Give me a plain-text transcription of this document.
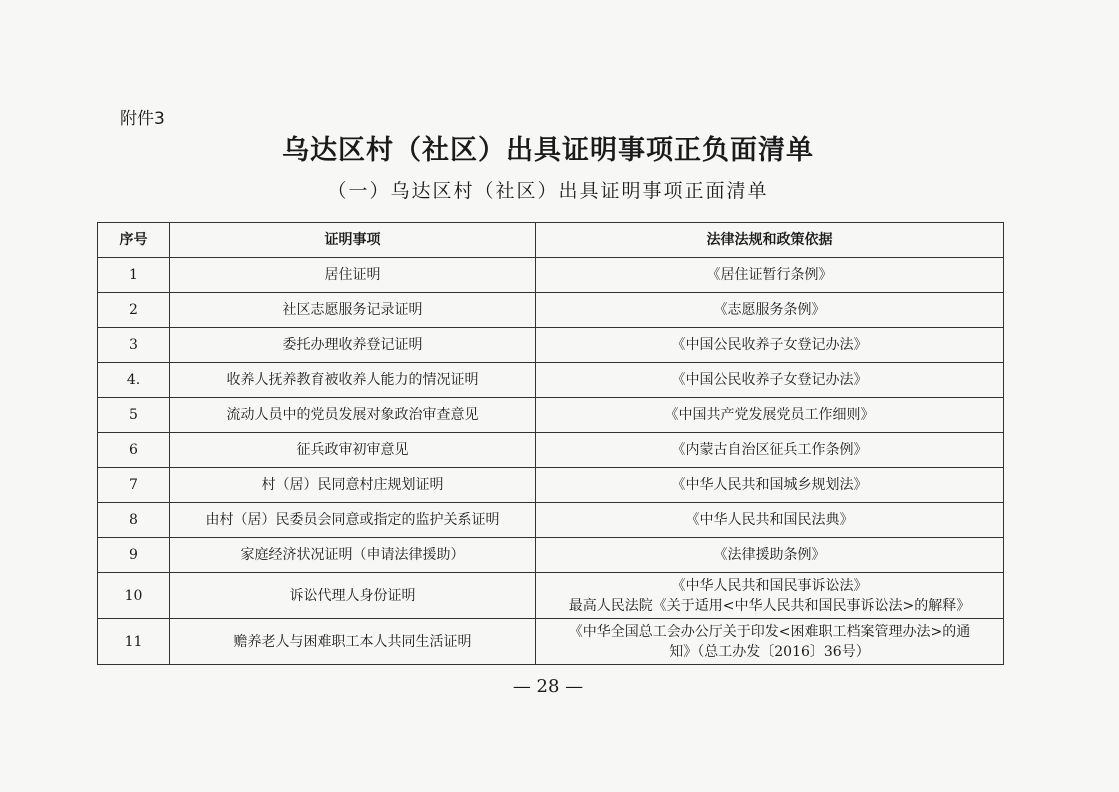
附件3
乌达区村（社区）出具证明事项正负面清单
（一）乌达区村（社区）出具证明事项正面清单
序号	证明事项	法律法规和政策依据
1	居住证明	《居住证暂行条例》

2	社区志愿服务记录证明	《志愿服务条例》

3	委托办理收养登记证明	《中国公民收养子女登记办法》

4.	收养人抚养教育被收养人能力的情况证明	《中国公民收养子女登记办法》

5	流动人员中的党员发展对象政治审查意见	《中国共产党发展党员工作细则》

6	征兵政审初审意见	《内蒙古自治区征兵工作条例》

7	村（居）民同意村庄规划证明	《中华人民共和国城乡规划法》

8	由村（居）民委员会同意或指定的监护关系证明	《中华人民共和国民法典》

9	家庭经济状况证明（申请法律援助）	《法律援助条例》

10	诉讼代理人身份证明	《中华人民共和国民事诉讼法》
最高人民法院《关于适用<中华人民共和国民事诉讼法>的解释》

11	赡养老人与困难职工本人共同生活证明	《中华全国总工会办公厅关于印发<困难职工档案管理办法>的通
知》（总工办发〔2016〕36号）
— 28 —
